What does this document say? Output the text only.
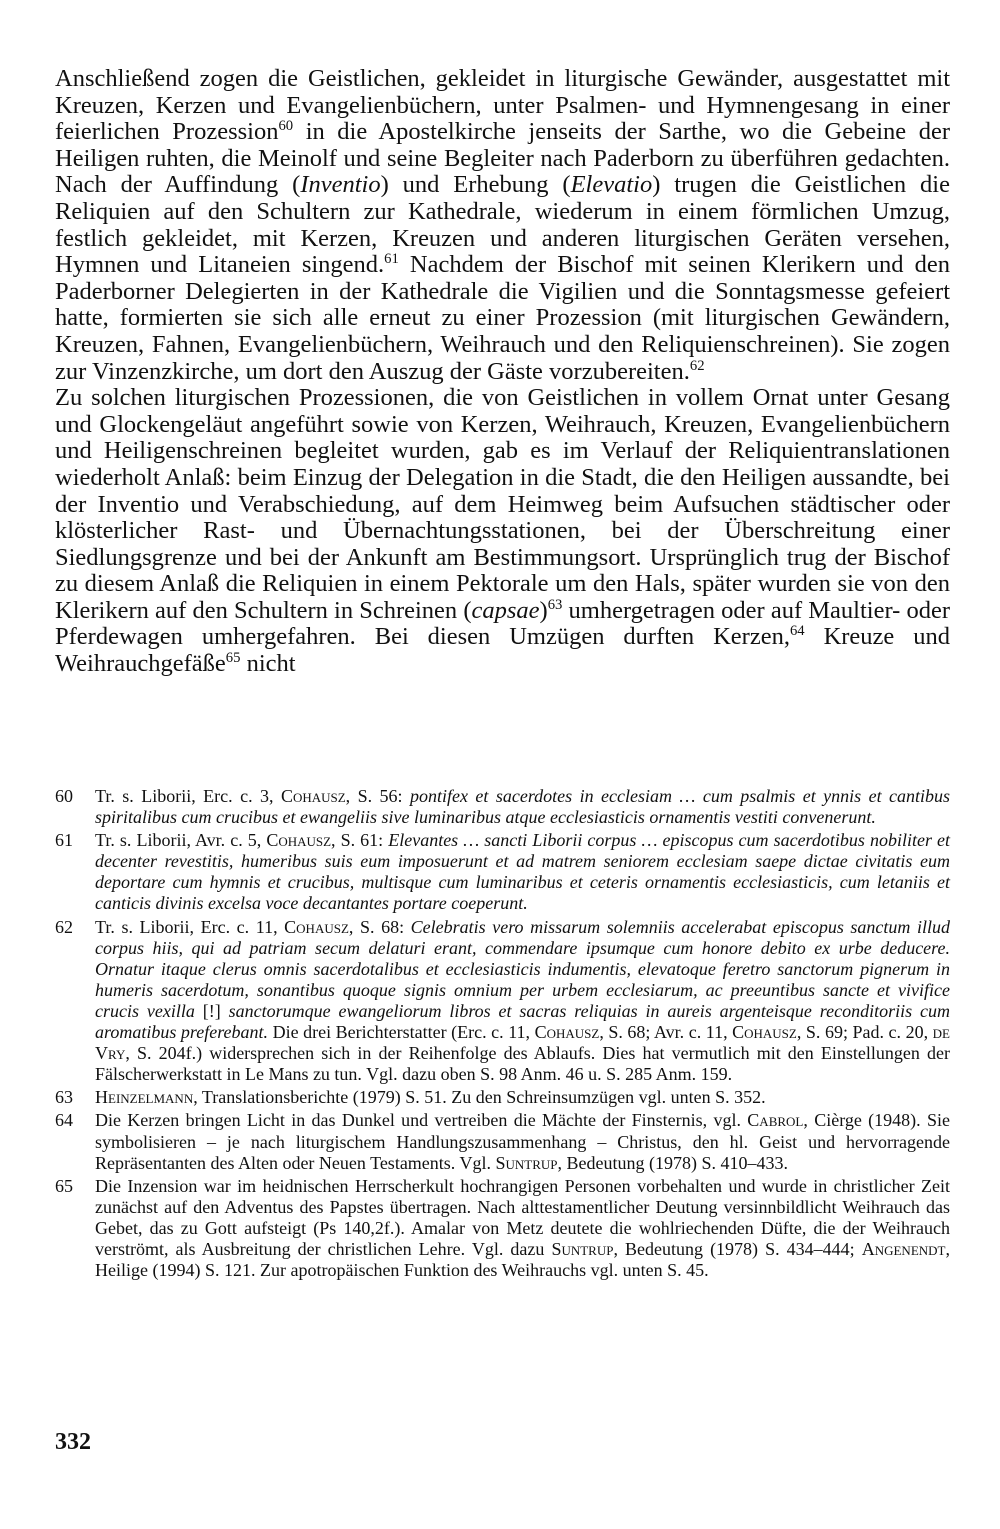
Anschließend zogen die Geistlichen, gekleidet in liturgische Gewänder, ausgestattet mit Kreuzen, Kerzen und Evangelienbüchern, unter Psalmen- und Hymnengesang in einer feierlichen Prozession$^{60}$ in die Apostelkirche jenseits der Sarthe, wo die Gebeine der Heiligen ruhten, die Meinolf und seine Begleiter nach Paderborn zu überführen gedachten. Nach der Auffindung (Inventio) und Erhebung (Elevatio) trugen die Geistlichen die Reliquien auf den Schultern zur Kathedrale, wiederum in einem förmlichen Umzug, festlich gekleidet, mit Kerzen, Kreuzen und anderen liturgischen Geräten versehen, Hymnen und Litaneien singend.$^{61}$ Nachdem der Bischof mit seinen Klerikern und den Paderborner Delegierten in der Kathedrale die Vigilien und die Sonntagsmesse gefeiert hatte, formierten sie sich alle erneut zu einer Prozession (mit liturgischen Gewändern, Kreuzen, Fahnen, Evangelienbüchern, Weihrauch und den Reliquienschreinen). Sie zogen zur Vinzenzkirche, um dort den Auszug der Gäste vorzubereiten.$^{62}$

Zu solchen liturgischen Prozessionen, die von Geistlichen in vollem Ornat unter Gesang und Glockengeläut angeführt sowie von Kerzen, Weihrauch, Kreuzen, Evangelienbüchern und Heiligenschreinen begleitet wurden, gab es im Verlauf der Reliquientranslationen wiederholt Anlaß: beim Einzug der Delegation in die Stadt, die den Heiligen aussandte, bei der Inventio und Verabschiedung, auf dem Heimweg beim Aufsuchen städtischer oder klösterlicher Rast- und Übernachtungsstationen, bei der Überschreitung einer Siedlungsgrenze und bei der Ankunft am Bestimmungsort. Ursprünglich trug der Bischof zu diesem Anlaß die Reliquien in einem Pektorale um den Hals, später wurden sie von den Klerikern auf den Schultern in Schreinen (capsae)$^{63}$ umhergetragen oder auf Maultier- oder Pferdewagen umhergefahren. Bei diesen Umzügen durften Kerzen,$^{64}$ Kreuze und Weihrauchgefäße$^{65}$ nicht

60 Tr. s. Liborii, Erc. c. 3, Cohausz, S. 56: pontifex et sacerdotes in ecclesiam … cum psalmis et ynnis et cantibus spiritalibus cum crucibus et ewangeliis sive luminaribus atque ecclesiasticis ornamentis vestiti convenerunt.
61 Tr. s. Liborii, Avr. c. 5, Cohausz, S. 61: Elevantes … sancti Liborii corpus … episcopus cum sacerdotibus nobiliter et decenter revestitis, humeribus suis eum imposuerunt et ad matrem seniorem ecclesiam saepe dictae civitatis eum deportare cum hymnis et crucibus, multisque cum luminaribus et ceteris ornamentis ecclesiasticis, cum letaniis et canticis divinis excelsa voce decantantes portare coeperunt.
62 Tr. s. Liborii, Erc. c. 11, Cohausz, S. 68: Celebratis vero missarum solemniis accelerabat episcopus sanctum illud corpus hiis, qui ad patriam secum delaturi erant, commendare ipsumque cum honore debito ex urbe deducere. Ornatur itaque clerus omnis sacerdotalibus et ecclesiasticis indumentis, elevatoque feretro sanctorum pignerum in humeris sacerdotum, sonantibus quoque signis omnium per urbem ecclesiarum, ac preeuntibus sancte et vivifice crucis vexilla [!] sanctorumque ewangeliorum libros et sacras reliquias in aureis argenteisque reconditoriis cum aromatibus preferebant. Die drei Berichterstatter (Erc. c. 11, Cohausz, S. 68; Avr. c. 11, Cohausz, S. 69; Pad. c. 20, de Vry, S. 204f.) widersprechen sich in der Reihenfolge des Ablaufs. Dies hat vermutlich mit den Einstellungen der Fälscherwerkstatt in Le Mans zu tun. Vgl. dazu oben S. 98 Anm. 46 u. S. 285 Anm. 159.
63 Heinzelmann, Translationsberichte (1979) S. 51. Zu den Schreinsumzügen vgl. unten S. 352.
64 Die Kerzen bringen Licht in das Dunkel und vertreiben die Mächte der Finsternis, vgl. Cabrol, Cièrge (1948). Sie symbolisieren – je nach liturgischem Handlungszusammenhang – Christus, den hl. Geist und hervorragende Repräsentanten des Alten oder Neuen Testaments. Vgl. Suntrup, Bedeutung (1978) S. 410–433.
65 Die Inzension war im heidnischen Herrscherkult hochrangigen Personen vorbehalten und wurde in christlicher Zeit zunächst auf den Adventus des Papstes übertragen. Nach alttestamentlicher Deutung versinnbildlicht Weihrauch das Gebet, das zu Gott aufsteigt (Ps 140,2f.). Amalar von Metz deutete die wohlriechenden Düfte, die der Weihrauch verströmt, als Ausbreitung der christlichen Lehre. Vgl. dazu Suntrup, Bedeutung (1978) S. 434–444; Angenendt, Heilige (1994) S. 121. Zur apotropäischen Funktion des Weihrauchs vgl. unten S. 45.
332
